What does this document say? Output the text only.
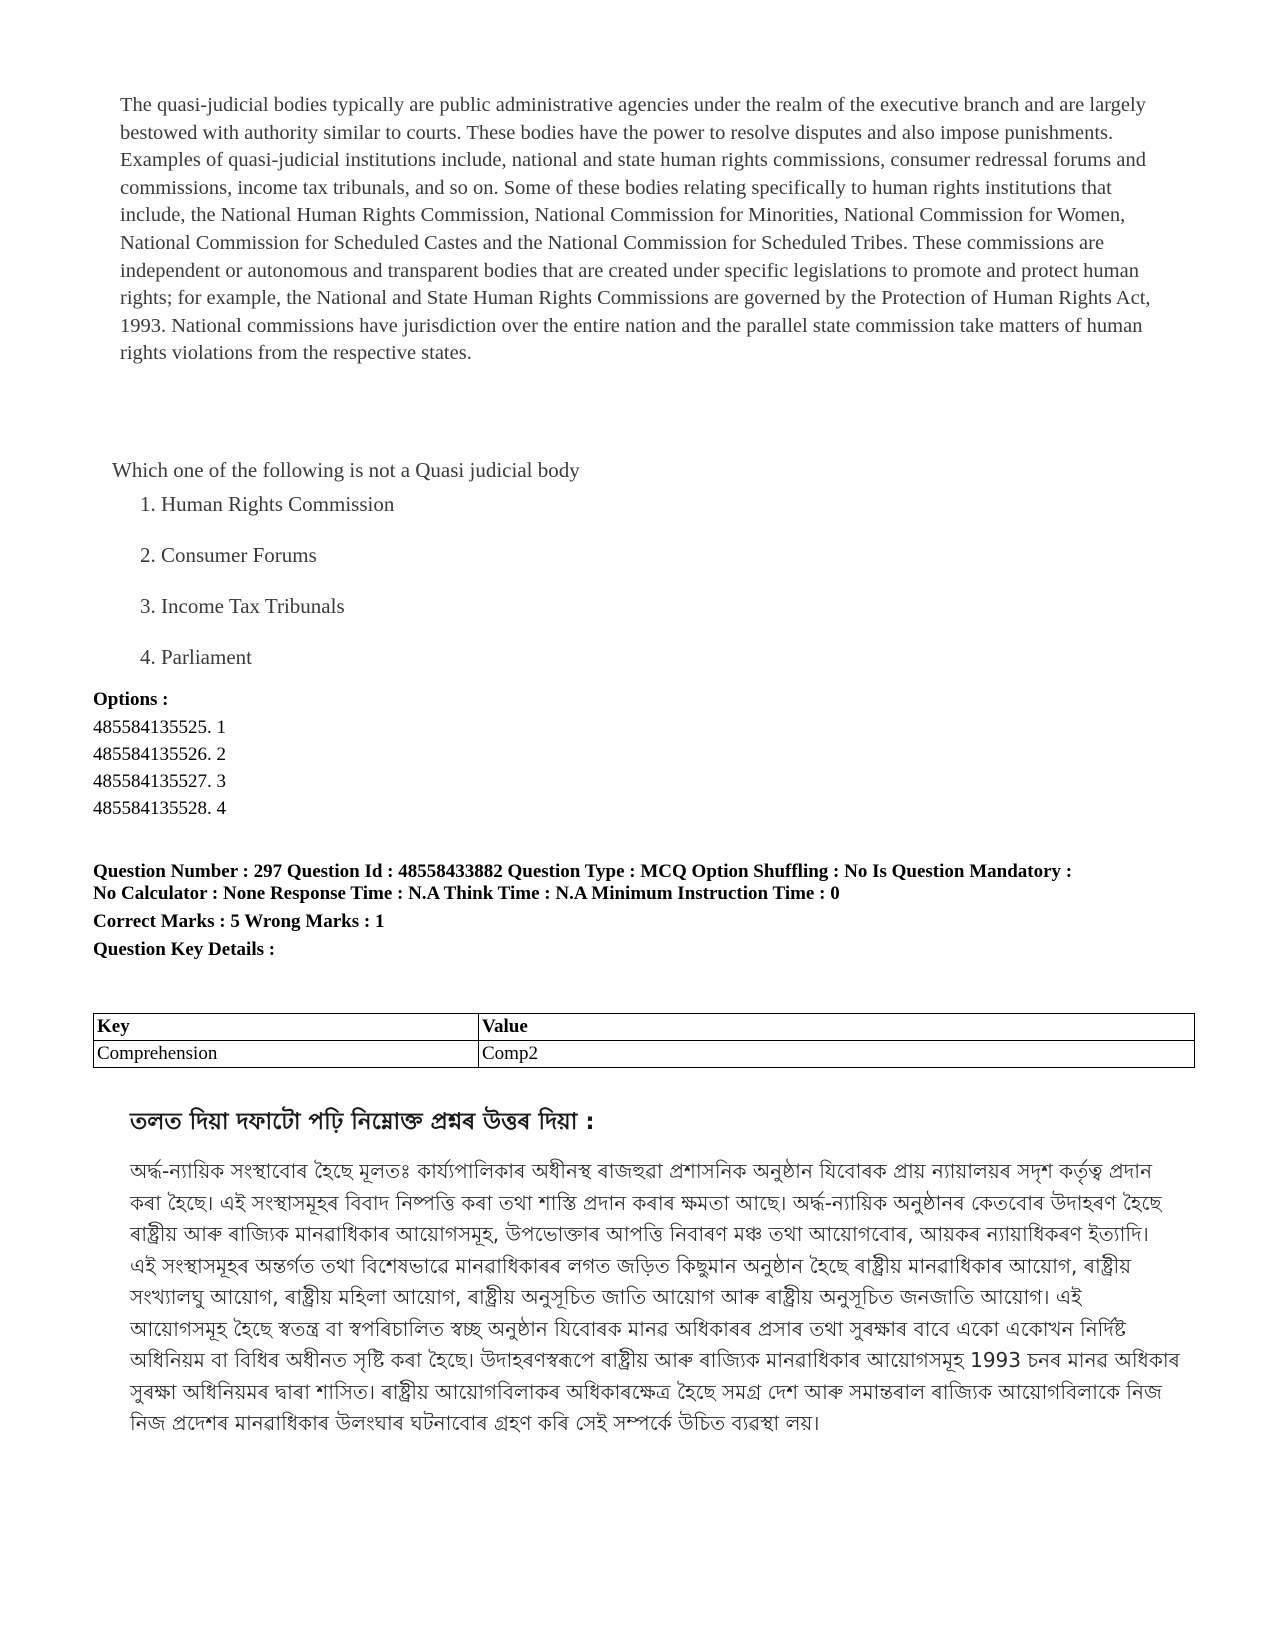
The quasi-judicial bodies typically are public administrative agencies under the realm of the executive branch and are largely bestowed with authority similar to courts. These bodies have the power to resolve disputes and also impose punishments. Examples of quasi-judicial institutions include, national and state human rights commissions, consumer redressal forums and commissions, income tax tribunals, and so on. Some of these bodies relating specifically to human rights institutions that include, the National Human Rights Commission, National Commission for Minorities, National Commission for Women, National Commission for Scheduled Castes and the National Commission for Scheduled Tribes. These commissions are independent or autonomous and transparent bodies that are created under specific legislations to promote and protect human rights; for example, the National and State Human Rights Commissions are governed by the Protection of Human Rights Act, 1993. National commissions have jurisdiction over the entire nation and the parallel state commission take matters of human rights violations from the respective states.

Which one of the following is not a Quasi judicial body

1. Human Rights Commission
2. Consumer Forums
3. Income Tax Tribunals
4. Parliament
Options :
485584135525. 1
485584135526. 2
485584135527. 3
485584135528. 4
Question Number : 297 Question Id : 48558433882 Question Type : MCQ Option Shuffling : No Is Question Mandatory :
No Calculator : None Response Time : N.A Think Time : N.A Minimum Instruction Time : 0
Correct Marks : 5 Wrong Marks : 1
Question Key Details :
Key	Value
Comprehension	Comp2

তলত দিয়া দফাটো পঢ়ি নিম্নোক্ত প্ৰশ্নৰ উত্তৰ দিয়া :

অৰ্দ্ধ-ন্যায়িক সংস্থাবোৰ হৈছে মূলতঃ কাৰ্য্যপালিকাৰ অধীনস্থ ৰাজহুৱা প্ৰশাসনিক অনুষ্ঠান যিবোৰক প্ৰায় ন্যায়ালয়ৰ সদৃশ কৰ্তৃত্ব প্ৰদান কৰা হৈছে। এই সংস্থাসমূহৰ বিবাদ নিষ্পত্তি কৰা তথা শাস্তি প্ৰদান কৰাৰ ক্ষমতা আছে। অৰ্দ্ধ-ন্যায়িক অনুষ্ঠানৰ কেতবোৰ উদাহৰণ হৈছে ৰাষ্ট্ৰীয় আৰু ৰাজ্যিক মানৱাধিকাৰ আয়োগসমূহ, উপভোক্তাৰ আপত্তি নিবাৰণ মঞ্চ তথা আয়োগবোৰ, আয়কৰ ন্যায়াধিকৰণ ইত্যাদি। এই সংস্থাসমূহৰ অন্তৰ্গত তথা বিশেষভাৱে মানৱাধিকাৰৰ লগত জড়িত কিছুমান অনুষ্ঠান হৈছে ৰাষ্ট্ৰীয় মানৱাধিকাৰ আয়োগ, ৰাষ্ট্ৰীয় সংখ্যালঘু আয়োগ, ৰাষ্ট্ৰীয় মহিলা আয়োগ, ৰাষ্ট্ৰীয় অনুসূচিত জাতি আয়োগ আৰু ৰাষ্ট্ৰীয় অনুসূচিত জনজাতি আয়োগ। এই আয়োগসমূহ হৈছে স্বতন্ত্ৰ বা স্বপৰিচালিত স্বচ্ছ অনুষ্ঠান যিবোৰক মানৱ অধিকাৰৰ প্ৰসাৰ তথা সুৰক্ষাৰ বাবে একো একোখন নিৰ্দিষ্ট অধিনিয়ম বা বিধিৰ অধীনত সৃষ্টি কৰা হৈছে। উদাহৰণস্বৰূপে ৰাষ্ট্ৰীয় আৰু ৰাজ্যিক মানৱাধিকাৰ আয়োগসমূহ 1993 চনৰ মানৱ অধিকাৰ সুৰক্ষা অধিনিয়মৰ দ্বাৰা শাসিত। ৰাষ্ট্ৰীয় আয়োগবিলাকৰ অধিকাৰক্ষেত্ৰ হৈছে সমগ্ৰ দেশ আৰু সমান্তৰাল ৰাজ্যিক আয়োগবিলাকে নিজ নিজ প্ৰদেশৰ মানৱাধিকাৰ উলংঘাৰ ঘটনাবোৰ গ্ৰহণ কৰি সেই সম্পৰ্কে উচিত ব্যৱস্থা লয়।
